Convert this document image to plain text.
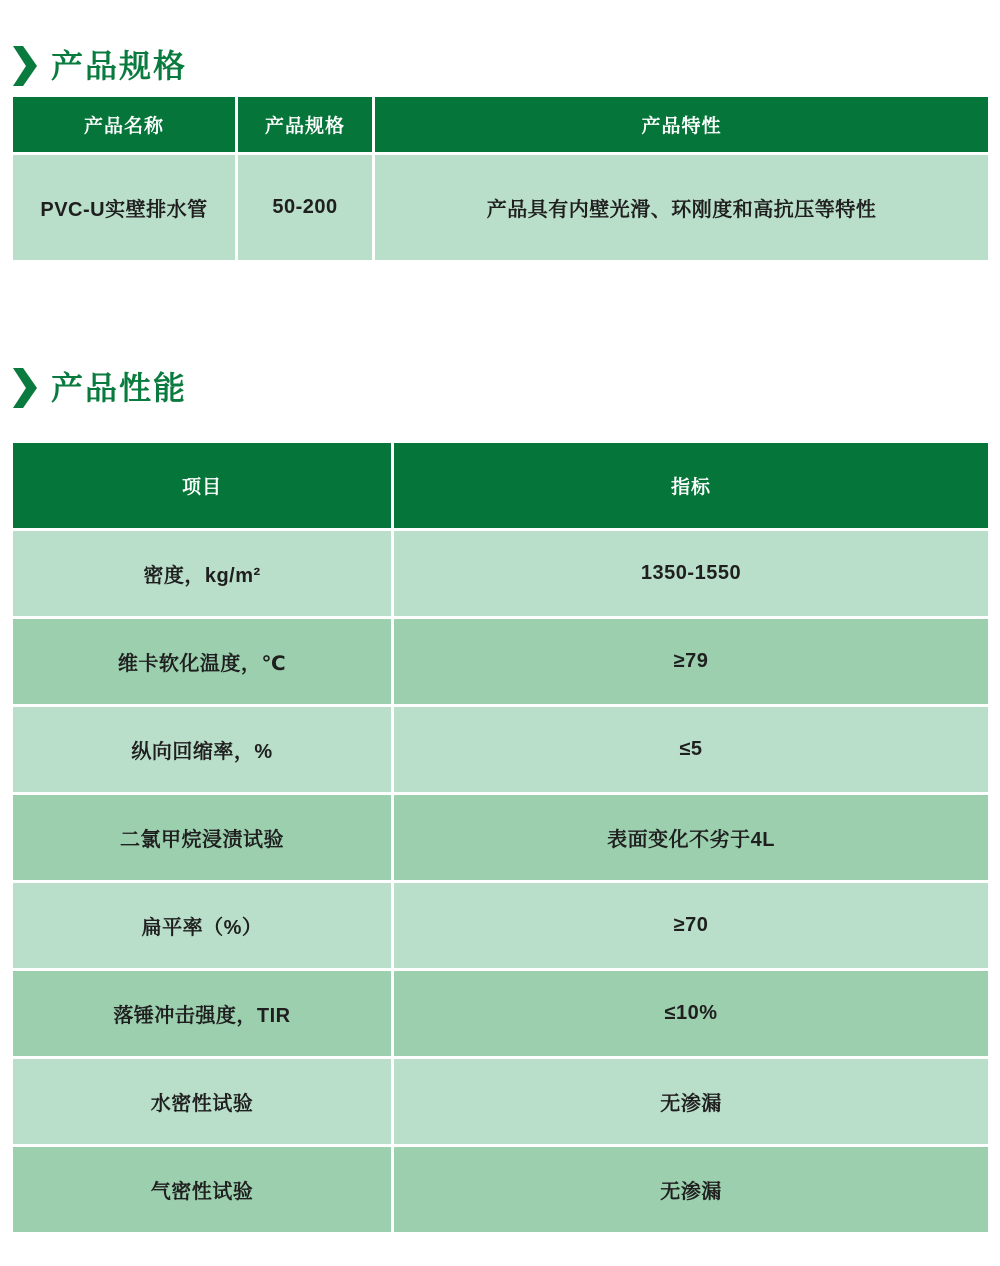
产品规格
产品名称	产品规格	产品特性
PVC-U实壁排水管	50-200	产品具有内壁光滑、环刚度和高抗压等特性
产品性能
项目	指标
密度，kg/m²	1350-1550
维卡软化温度，℃	≥79
纵向回缩率，%	≤5
二氯甲烷浸渍试验	表面变化不劣于4L
扁平率（%）	≥70
落锤冲击强度，TIR	≤10%
水密性试验	无渗漏
气密性试验	无渗漏
